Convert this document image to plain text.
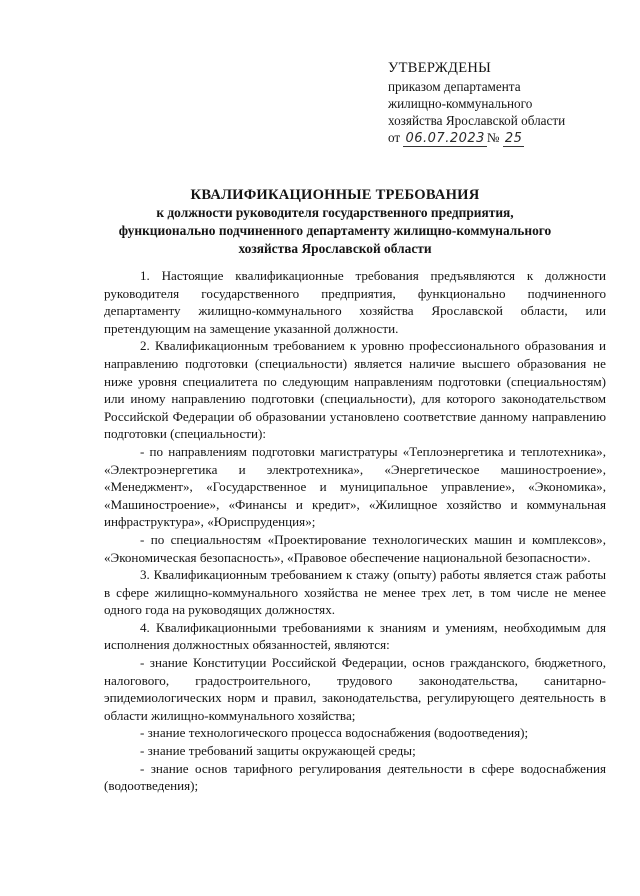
УТВЕРЖДЕНЫ
приказом департамента
жилищно-коммунального
хозяйства Ярославской области
от 06.07.2023 № 25
КВАЛИФИКАЦИОННЫЕ ТРЕБОВАНИЯ
к должности руководителя государственного предприятия,
функционально подчиненного департаменту жилищно-коммунального
хозяйства Ярославской области

1. Настоящие квалификационные требования предъявляются к должности руководителя государственного предприятия, функционально подчиненного департаменту жилищно-коммунального хозяйства Ярославской области, или претендующим на замещение указанной должности.

2. Квалификационным требованием к уровню профессионального образования и направлению подготовки (специальности) является наличие высшего образования не ниже уровня специалитета по следующим направлениям подготовки (специальностям) или иному направлению подготовки (специальности), для которого законодательством Российской Федерации об образовании установлено соответствие данному направлению подготовки (специальности):

- по направлениям подготовки магистратуры «Теплоэнергетика и теплотехника», «Электроэнергетика и электротехника», «Энергетическое машиностроение», «Менеджмент», «Государственное и муниципальное управление», «Экономика», «Машиностроение», «Финансы и кредит», «Жилищное хозяйство и коммунальная инфраструктура», «Юриспруденция»;

- по специальностям «Проектирование технологических машин и комплексов», «Экономическая безопасность», «Правовое обеспечение национальной безопасности».

3. Квалификационным требованием к стажу (опыту) работы является стаж работы в сфере жилищно-коммунального хозяйства не менее трех лет, в том числе не менее одного года на руководящих должностях.

4. Квалификационными требованиями к знаниям и умениям, необходимым для исполнения должностных обязанностей, являются:

- знание Конституции Российской Федерации, основ гражданского, бюджетного, налогового, градостроительного, трудового законодательства, санитарно-эпидемиологических норм и правил, законодательства, регулирующего деятельность в области жилищно-коммунального хозяйства;

- знание технологического процесса водоснабжения (водоотведения);

- знание требований защиты окружающей среды;

- знание основ тарифного регулирования деятельности в сфере водоснабжения (водоотведения);
